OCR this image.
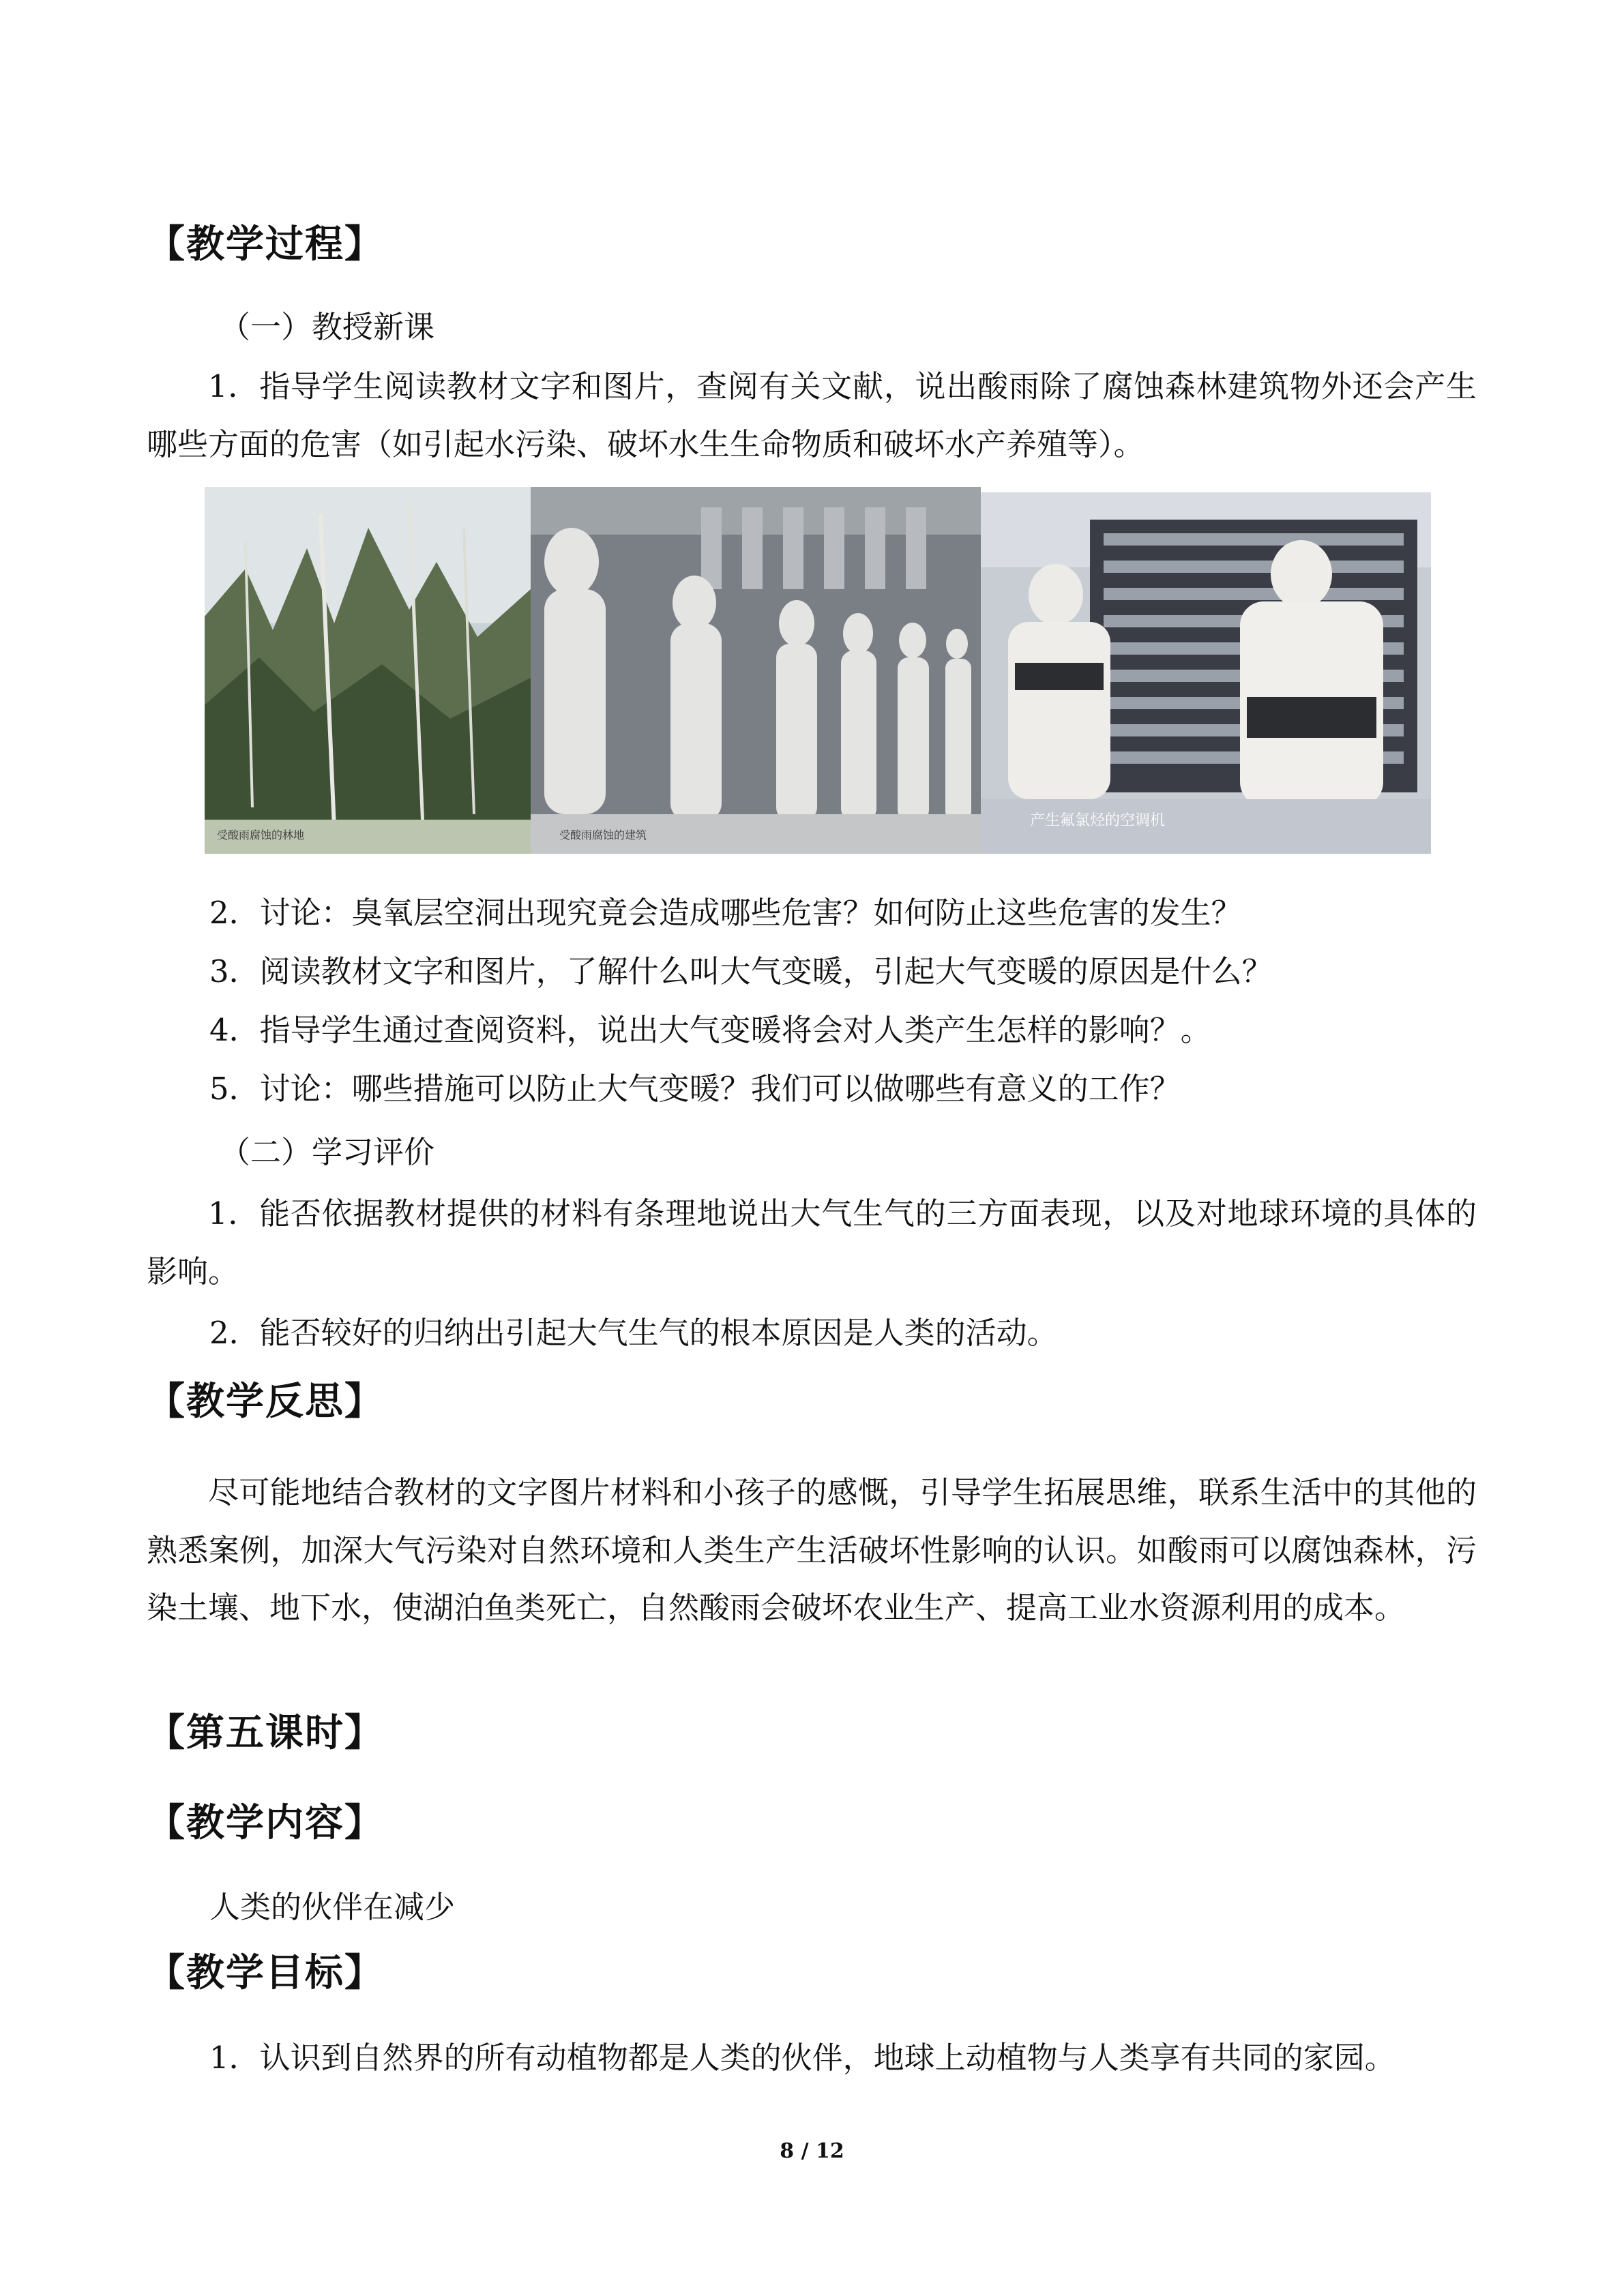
【教学过程】
（一）教授新课
1．指导学生阅读教材文字和图片，查阅有关文献，说出酸雨除了腐蚀森林建筑物外还会产生哪些方面的危害（如引起水污染、破坏水生生命物质和破坏水产养殖等）。
受酸雨腐蚀的林地	受酸雨腐蚀的建筑
产生氟氯烃的空调机
2．讨论：臭氧层空洞出现究竟会造成哪些危害？如何防止这些危害的发生？
3．阅读教材文字和图片，了解什么叫大气变暖，引起大气变暖的原因是什么？
4．指导学生通过查阅资料，说出大气变暖将会对人类产生怎样的影响？。
5．讨论：哪些措施可以防止大气变暖？我们可以做哪些有意义的工作？
（二）学习评价
1．能否依据教材提供的材料有条理地说出大气生气的三方面表现，以及对地球环境的具体的影响。
2．能否较好的归纳出引起大气生气的根本原因是人类的活动。
【教学反思】
尽可能地结合教材的文字图片材料和小孩子的感慨，引导学生拓展思维，联系生活中的其他的熟悉案例，加深大气污染对自然环境和人类生产生活破坏性影响的认识。如酸雨可以腐蚀森林，污染土壤、地下水，使湖泊鱼类死亡，自然酸雨会破坏农业生产、提高工业水资源利用的成本。
【第五课时】
【教学内容】
人类的伙伴在减少
【教学目标】
1．认识到自然界的所有动植物都是人类的伙伴，地球上动植物与人类享有共同的家园。
8 / 12
